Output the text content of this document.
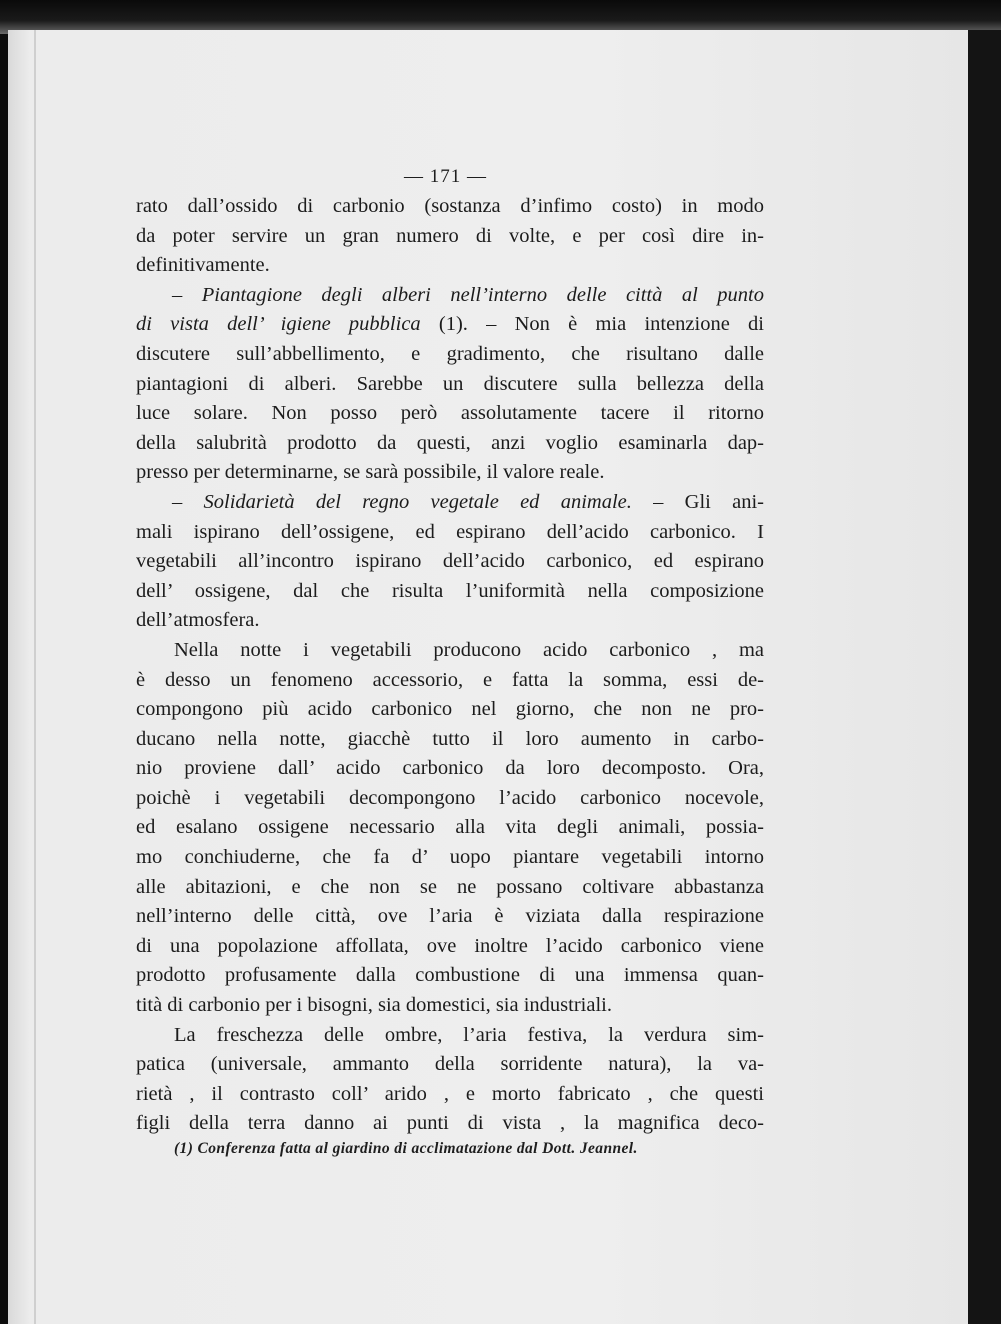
— 171 —
rato dall’ossido di carbonio (sostanza d’infimo costo) in modo
da poter servire un gran numero di volte, e per così dire in-
definitivamente.
– Piantagione degli alberi nell’interno delle città al punto
di vista dell’ igiene pubblica (1). – Non è mia intenzione di
discutere sull’abbellimento, e gradimento, che risultano dalle
piantagioni di alberi. Sarebbe un discutere sulla bellezza della
luce solare. Non posso però assolutamente tacere il ritorno
della salubrità prodotto da questi, anzi voglio esaminarla dap-
presso per determinarne, se sarà possibile, il valore reale.
– Solidarietà del regno vegetale ed animale. – Gli ani-
mali ispirano dell’ossigene, ed espirano dell’acido carbonico. I
vegetabili all’incontro ispirano dell’acido carbonico, ed espirano
dell’ ossigene, dal che risulta l’uniformità nella composizione
dell’atmosfera.
Nella notte i vegetabili producono acido carbonico , ma
è desso un fenomeno accessorio, e fatta la somma, essi de-
compongono più acido carbonico nel giorno, che non ne pro-
ducano nella notte, giacchè tutto il loro aumento in carbo-
nio proviene dall’ acido carbonico da loro decomposto. Ora,
poichè i vegetabili decompongono l’acido carbonico nocevole,
ed esalano ossigene necessario alla vita degli animali, possia-
mo conchiuderne, che fa d’ uopo piantare vegetabili intorno
alle abitazioni, e che non se ne possano coltivare abbastanza
nell’interno delle città, ove l’aria è viziata dalla respirazione
di una popolazione affollata, ove inoltre l’acido carbonico viene
prodotto profusamente dalla combustione di una immensa quan-
tità di carbonio per i bisogni, sia domestici, sia industriali.
La freschezza delle ombre, l’aria festiva, la verdura sim-
patica (universale, ammanto della sorridente natura), la va-
rietà , il contrasto coll’ arido , e morto fabricato , che questi
figli della terra danno ai punti di vista , la magnifica deco-
(1) Conferenza fatta al giardino di acclimatazione dal Dott. Jeannel.
